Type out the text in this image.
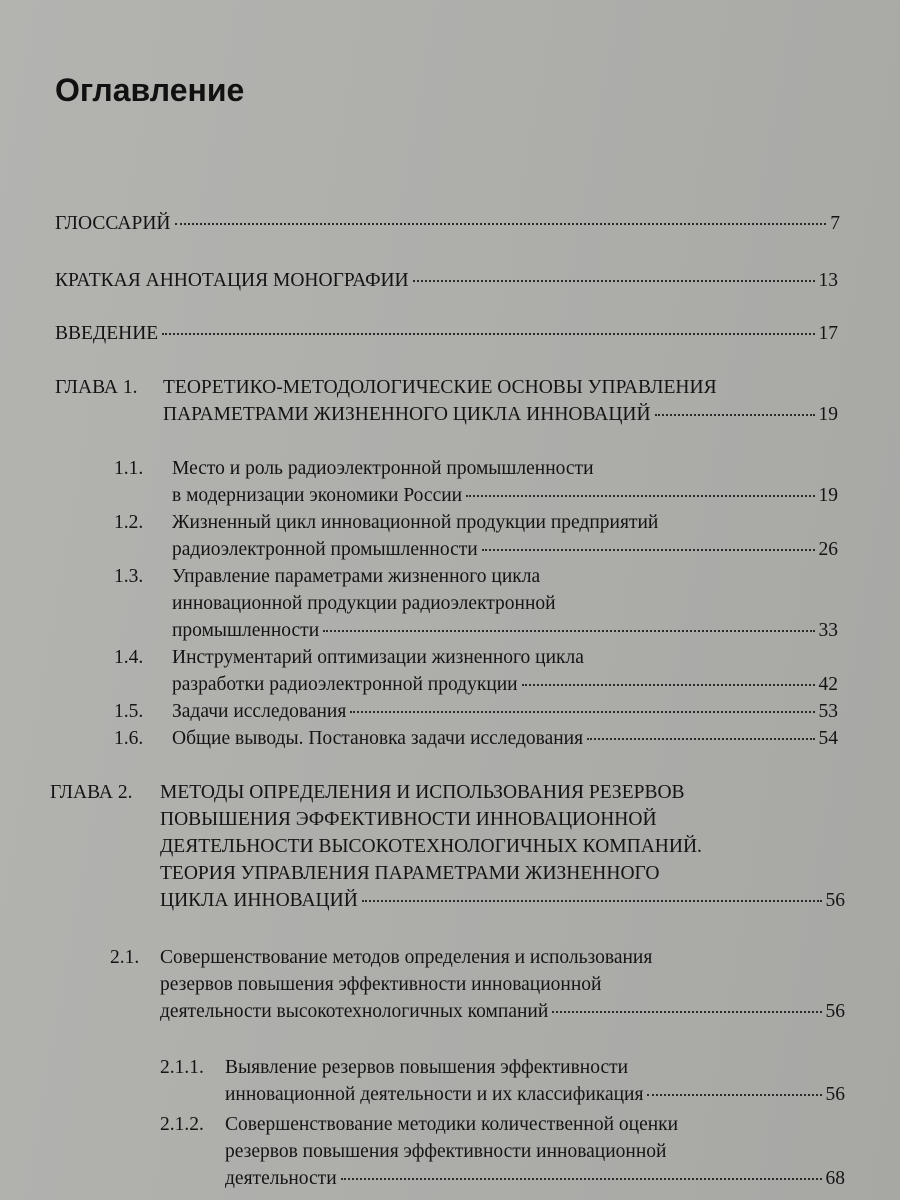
Оглавление
ГЛОССАРИЙ	7
КРАТКАЯ АННОТАЦИЯ МОНОГРАФИИ	13
ВВЕДЕНИЕ	17
ГЛАВА 1. ТЕОРЕТИКО-МЕТОДОЛОГИЧЕСКИЕ ОСНОВЫ УПРАВЛЕНИЯ
ПАРАМЕТРАМИ ЖИЗНЕННОГО ЦИКЛА ИННОВАЦИЙ	19
1.1. Место и роль радиоэлектронной промышленности
в модернизации экономики России	19
1.2. Жизненный цикл инновационной продукции предприятий
радиоэлектронной промышленности	26
1.3. Управление параметрами жизненного цикла
инновационной продукции радиоэлектронной
промышленности	33
1.4. Инструментарий оптимизации жизненного цикла
разработки радиоэлектронной продукции	42
1.5. Задачи исследования	53
1.6. Общие выводы. Постановка задачи исследования	54
ГЛАВА 2. МЕТОДЫ ОПРЕДЕЛЕНИЯ И ИСПОЛЬЗОВАНИЯ РЕЗЕРВОВ
ПОВЫШЕНИЯ ЭФФЕКТИВНОСТИ ИННОВАЦИОННОЙ
ДЕЯТЕЛЬНОСТИ ВЫСОКОТЕХНОЛОГИЧНЫХ КОМПАНИЙ.
ТЕОРИЯ УПРАВЛЕНИЯ ПАРАМЕТРАМИ ЖИЗНЕННОГО
ЦИКЛА ИННОВАЦИЙ	56
2.1. Совершенствование методов определения и использования
резервов повышения эффективности инновационной
деятельности высокотехнологичных компаний	56
2.1.1. Выявление резервов повышения эффективности
инновационной деятельности и их классификация	56
2.1.2. Совершенствование методики количественной оценки
резервов повышения эффективности инновационной
деятельности	68
